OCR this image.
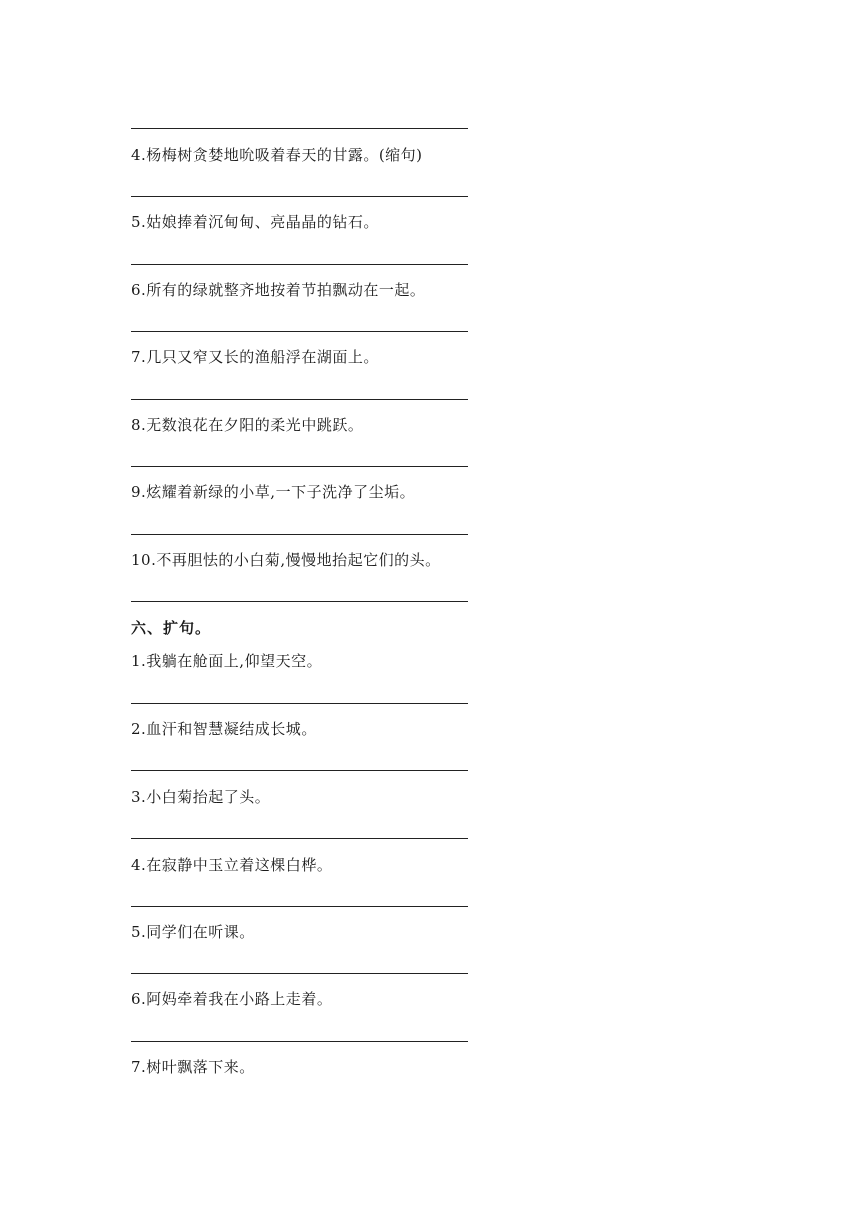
4.杨梅树贪婪地吮吸着春天的甘露。(缩句)
5.姑娘捧着沉甸甸、亮晶晶的钻石。
6.所有的绿就整齐地按着节拍飘动在一起。
7.几只又窄又长的渔船浮在湖面上。
8.无数浪花在夕阳的柔光中跳跃。
9.炫耀着新绿的小草,一下子洗净了尘垢。
10.不再胆怯的小白菊,慢慢地抬起它们的头。
六、扩句。
1.我躺在舱面上,仰望天空。
2.血汗和智慧凝结成长城。
3.小白菊抬起了头。
4.在寂静中玉立着这棵白桦。
5.同学们在听课。
6.阿妈牵着我在小路上走着。
7.树叶飘落下来。
